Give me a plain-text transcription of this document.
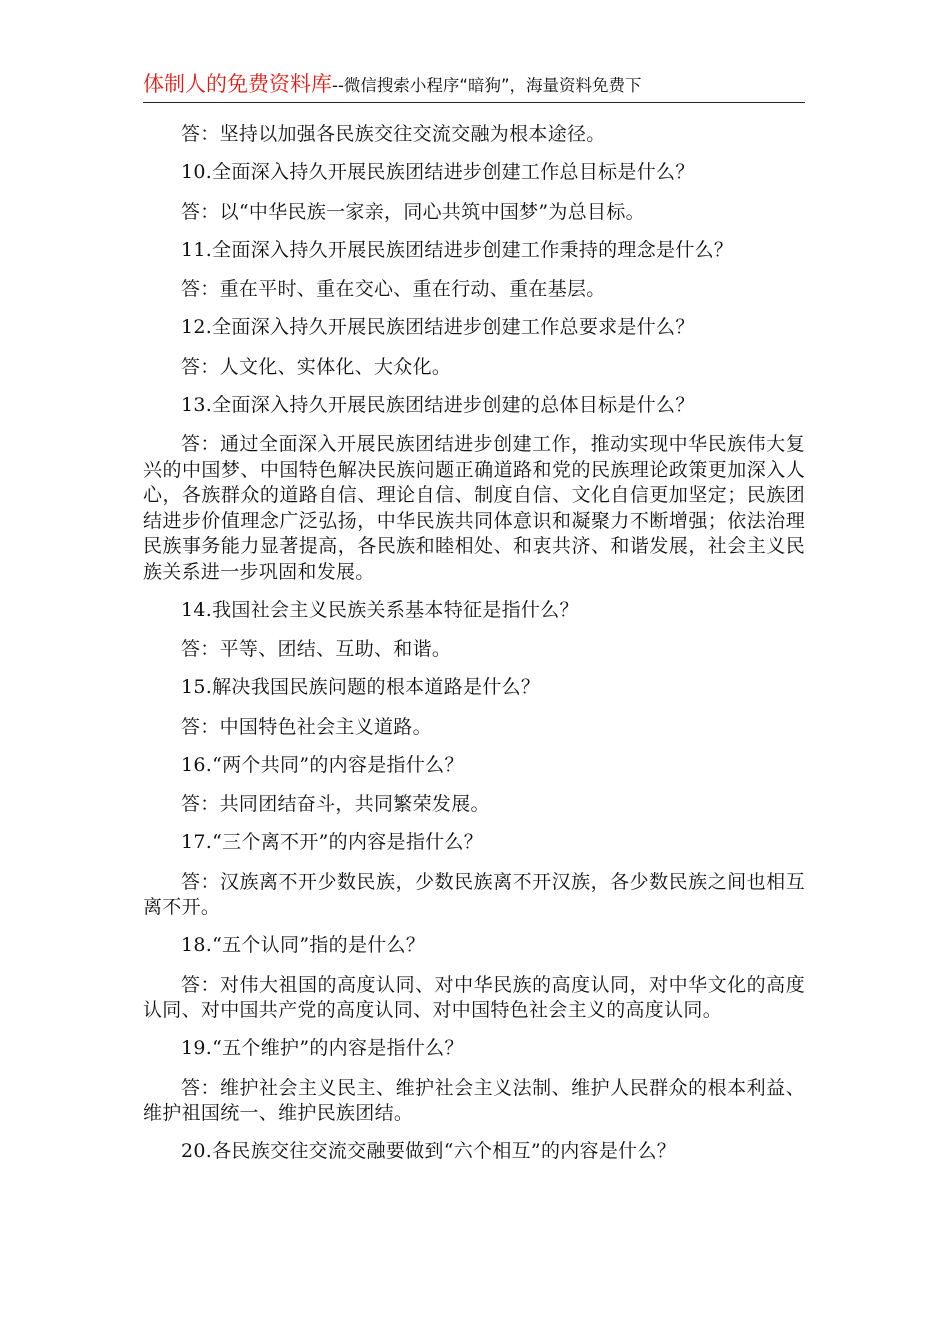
体制人的免费资料库--微信搜索小程序“暗狗”，海量资料免费下

答：坚持以加强各民族交往交流交融为根本途径。

10.全面深入持久开展民族团结进步创建工作总目标是什么？

答：以“中华民族一家亲，同心共筑中国梦”为总目标。

11.全面深入持久开展民族团结进步创建工作秉持的理念是什么？

答：重在平时、重在交心、重在行动、重在基层。

12.全面深入持久开展民族团结进步创建工作总要求是什么？

答：人文化、实体化、大众化。

13.全面深入持久开展民族团结进步创建的总体目标是什么？

答：通过全面深入开展民族团结进步创建工作，推动实现中华民族伟大复兴的中国梦、中国特色解决民族问题正确道路和党的民族理论政策更加深入人心，各族群众的道路自信、理论自信、制度自信、文化自信更加坚定；民族团结进步价值理念广泛弘扬，中华民族共同体意识和凝聚力不断增强；依法治理民族事务能力显著提高，各民族和睦相处、和衷共济、和谐发展，社会主义民族关系进一步巩固和发展。

14.我国社会主义民族关系基本特征是指什么？

答：平等、团结、互助、和谐。

15.解决我国民族问题的根本道路是什么？

答：中国特色社会主义道路。

16.“两个共同”的内容是指什么？

答：共同团结奋斗，共同繁荣发展。

17.“三个离不开”的内容是指什么？

答：汉族离不开少数民族，少数民族离不开汉族，各少数民族之间也相互离不开。

18.“五个认同”指的是什么？

答：对伟大祖国的高度认同、对中华民族的高度认同，对中华文化的高度认同、对中国共产党的高度认同、对中国特色社会主义的高度认同。

19.“五个维护”的内容是指什么？

答：维护社会主义民主、维护社会主义法制、维护人民群众的根本利益、维护祖国统一、维护民族团结。

20.各民族交往交流交融要做到“六个相互”的内容是什么？
